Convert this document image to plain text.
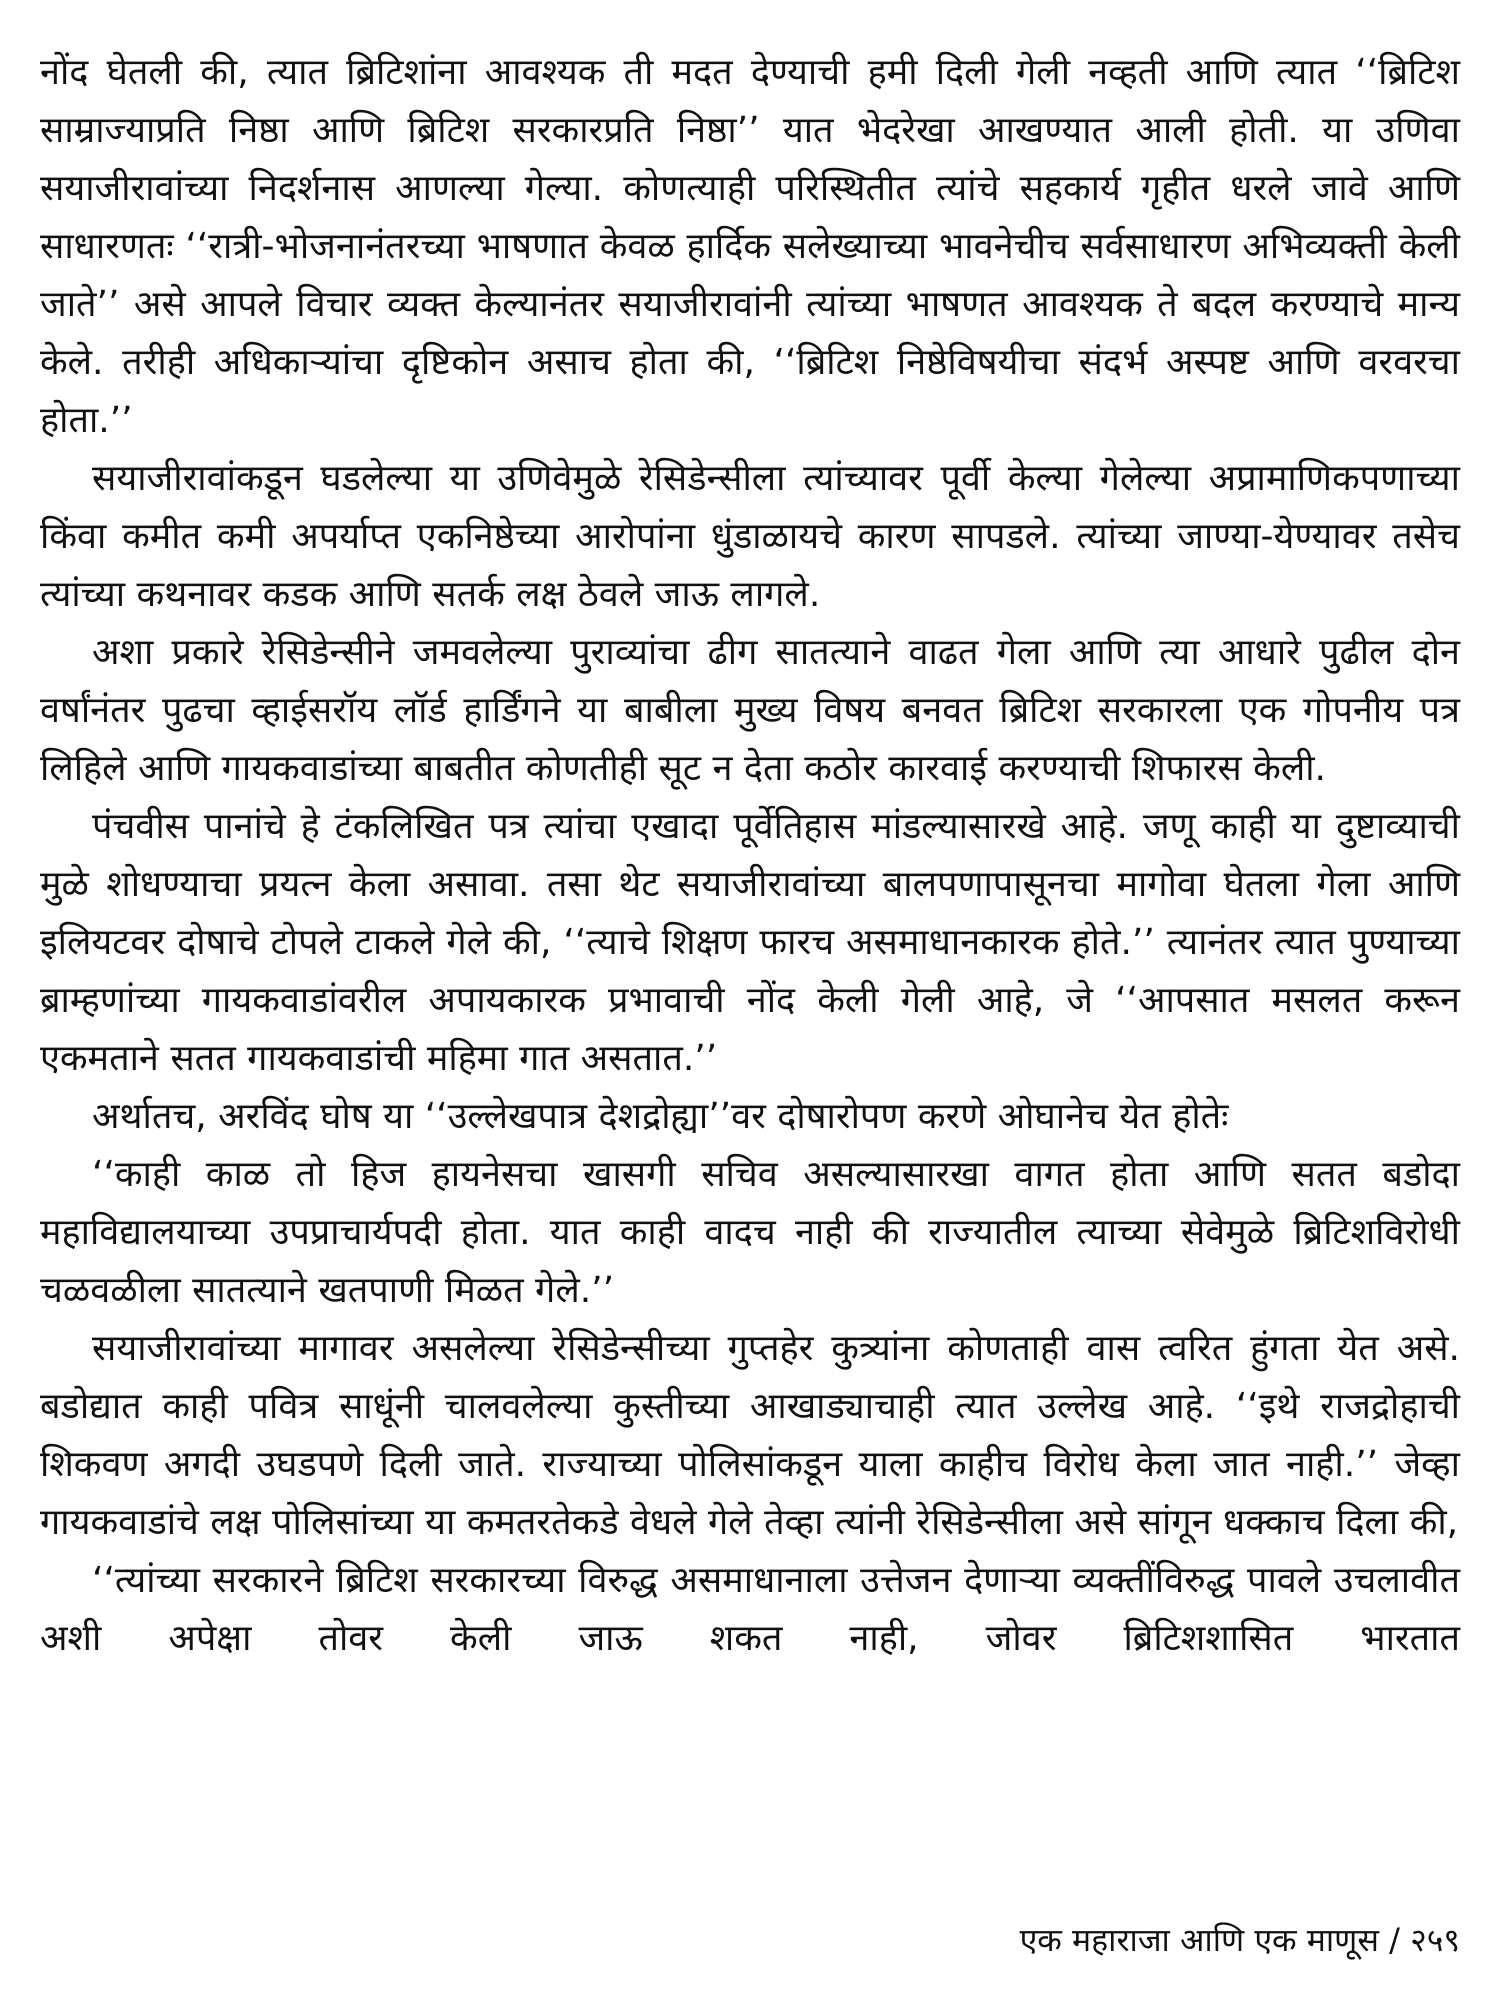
नोंद घेतली की, त्यात ब्रिटिशांना आवश्यक ती मदत देण्याची हमी दिली गेली नव्हती आणि त्यात ‘‘ब्रिटिश साम्राज्याप्रति निष्ठा आणि ब्रिटिश सरकारप्रति निष्ठा’’ यात भेदरेखा आखण्यात आली होती. या उणिवा सयाजीरावांच्या निदर्शनास आणल्या गेल्या. कोणत्याही परिस्थितीत त्यांचे सहकार्य गृहीत धरले जावे आणि साधारणतः ‘‘रात्री-भोजनानंतरच्या भाषणात केवळ हार्दिक सलेख्याच्या भावनेचीच सर्वसाधारण अभिव्यक्ती केली जाते’’ असे आपले विचार व्यक्त केल्यानंतर सयाजीरावांनी त्यांच्या भाषणत आवश्यक ते बदल करण्याचे मान्य केले. तरीही अधिकाऱ्यांचा दृष्टिकोन असाच होता की, ‘‘ब्रिटिश निष्ठेविषयीचा संदर्भ अस्पष्ट आणि वरवरचा होता.’’

सयाजीरावांकडून घडलेल्या या उणिवेमुळे रेसिडेन्सीला त्यांच्यावर पूर्वी केल्या गेलेल्या अप्रामाणिकपणाच्या किंवा कमीत कमी अपर्याप्त एकनिष्ठेच्या आरोपांना धुंडाळायचे कारण सापडले. त्यांच्या जाण्या-येण्यावर तसेच त्यांच्या कथनावर कडक आणि सतर्क लक्ष ठेवले जाऊ लागले.

अशा प्रकारे रेसिडेन्सीने जमवलेल्या पुराव्यांचा ढीग सातत्याने वाढत गेला आणि त्या आधारे पुढील दोन वर्षांनंतर पुढचा व्हाईसरॉय लॉर्ड हार्डिंगने या बाबीला मुख्य विषय बनवत ब्रिटिश सरकारला एक गोपनीय पत्र लिहिले आणि गायकवाडांच्या बाबतीत कोणतीही सूट न देता कठोर कारवाई करण्याची शिफारस केली.

पंचवीस पानांचे हे टंकलिखित पत्र त्यांचा एखादा पूर्वेतिहास मांडल्यासारखे आहे. जणू काही या दुष्टाव्याची मुळे शोधण्याचा प्रयत्न केला असावा. तसा थेट सयाजीरावांच्या बालपणापासूनचा मागोवा घेतला गेला आणि इलियटवर दोषाचे टोपले टाकले गेले की, ‘‘त्याचे शिक्षण फारच असमाधानकारक होते.’’ त्यानंतर त्यात पुण्याच्या ब्राम्हणांच्या गायकवाडांवरील अपायकारक प्रभावाची नोंद केली गेली आहे, जे ‘‘आपसात मसलत करून एकमताने सतत गायकवाडांची महिमा गात असतात.’’

अर्थातच, अरविंद घोष या ‘‘उल्लेखपात्र देशद्रोह्या’’वर दोषारोपण करणे ओघानेच येत होतेः

‘‘काही काळ तो हिज हायनेसचा खासगी सचिव असल्यासारखा वागत होता आणि सतत बडोदा महाविद्यालयाच्या उपप्राचार्यपदी होता. यात काही वादच नाही की राज्यातील त्याच्या सेवेमुळे ब्रिटिशविरोधी चळवळीला सातत्याने खतपाणी मिळत गेले.’’

सयाजीरावांच्या मागावर असलेल्या रेसिडेन्सीच्या गुप्तहेर कुत्र्यांना कोणताही वास त्वरित हुंगता येत असे. बडोद्यात काही पवित्र साधूंनी चालवलेल्या कुस्तीच्या आखाड्याचाही त्यात उल्लेख आहे. ‘‘इथे राजद्रोहाची शिकवण अगदी उघडपणे दिली जाते. राज्याच्या पोलिसांकडून याला काहीच विरोध केला जात नाही.’’ जेव्हा गायकवाडांचे लक्ष पोलिसांच्या या कमतरतेकडे वेधले गेले तेव्हा त्यांनी रेसिडेन्सीला असे सांगून धक्काच दिला की,

‘‘त्यांच्या सरकारने ब्रिटिश सरकारच्या विरुद्ध असमाधानाला उत्तेजन देणाऱ्या व्यक्तींविरुद्ध पावले उचलावीत अशी अपेक्षा तोवर केली जाऊ शकत नाही, जोवर ब्रिटिशशासित भारतात

एक महाराजा आणि एक माणूस / २५९
